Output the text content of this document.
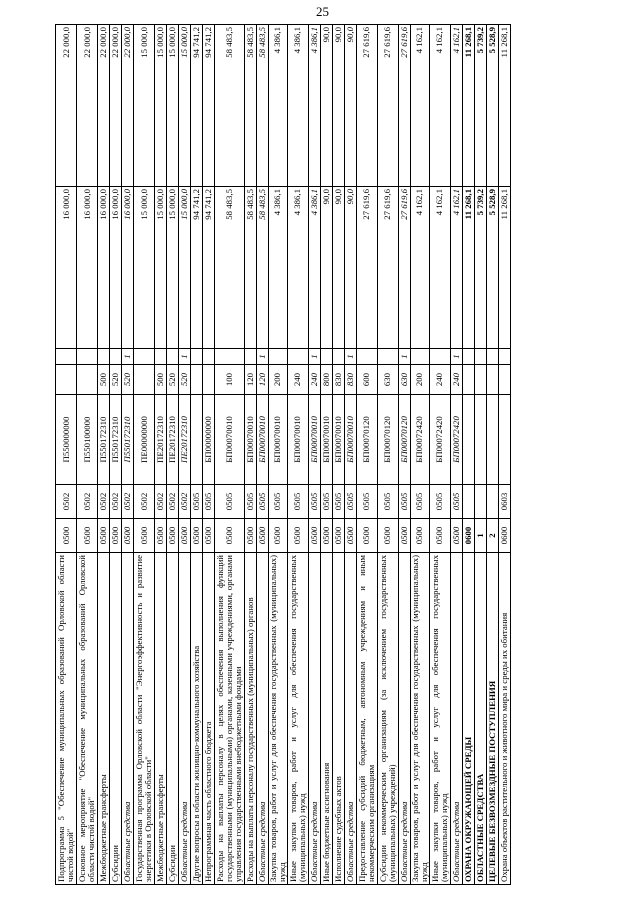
25
Подпрограмма 5 "Обеспечение муниципальных образований Орловской области чистой водой"	0500	0502	П550000000			16 000,0	22 000,0
Основное мероприятие "Обеспечение муниципальных образований Орловской области чистой водой"	0500	0502	П550100000			16 000,0	22 000,0
Межбюджетные трансферты	0500	0502	П550172310	500		16 000,0	22 000,0
Субсидии	0500	0502	П550172310	520		16 000,0	22 000,0
Областные средства	0500	0502	П550172310	520	1	16 000,0	22 000,0
Государственная программа Орловской области "Энергоэффективность и развитие энергетики в Орловской области"	0500	0502	ПЕ00000000			15 000,0	15 000,0
Межбюджетные трансферты	0500	0502	ПЕ20172310	500		15 000,0	15 000,0
Субсидии	0500	0502	ПЕ20172310	520		15 000,0	15 000,0
Областные средства	0500	0502	ПЕ20172310	520	1	15 000,0	15 000,0
Другие вопросы в области жилищно-коммунального хозяйства	0500	0505				94 741,2	94 741,2
Непрограммная часть областного бюджета	0500	0505	БП00000000			94 741,2	94 741,2
Расходы на выплаты персоналу в целях обеспечения выполнения функций государственными (муниципальными) органами, казенными учреждениями, органами управления государственными внебюджетными фондами	0500	0505	БП00070010	100		58 483,5	58 483,5
Расходы на выплаты персоналу государственных (муниципальных) органов	0500	0505	БП00070010	120		58 483,5	58 483,5
Областные средства	0500	0505	БП00070010	120	1	58 483,5	58 483,5
Закупка товаров, работ и услуг для обеспечения государственных (муниципальных) нужд	0500	0505	БП00070010	200		4 386,1	4 386,1
Иные закупки товаров, работ и услуг для обеспечения государственных (муниципальных) нужд	0500	0505	БП00070010	240		4 386,1	4 386,1
Областные средства	0500	0505	БП00070010	240	1	4 386,1	4 386,1
Иные бюджетные ассигнования	0500	0505	БП00070010	800		90,0	90,0
Исполнение судебных актов	0500	0505	БП00070010	830		90,0	90,0
Областные средства	0500	0505	БП00070010	830	1	90,0	90,0
Предоставление субсидий бюджетным, автономным учреждениям и иным некоммерческим организациям	0500	0505	БП00070120	600		27 619,6	27 619,6
Субсидии некоммерческим организациям (за исключением государственных (муниципальных) учреждений)	0500	0505	БП00070120	630		27 619,6	27 619,6
Областные средства	0500	0505	БП00070120	630	1	27 619,6	27 619,6
Закупка товаров, работ и услуг для обеспечения государственных (муниципальных) нужд	0500	0505	БП00072420	200		4 162,1	4 162,1
Иные закупки товаров, работ и услуг для обеспечения государственных (муниципальных) нужд	0500	0505	БП00072420	240		4 162,1	4 162,1
Областные средства	0500	0505	БП00072420	240	1	4 162,1	4 162,1
ОХРАНА ОКРУЖАЮЩЕЙ СРЕДЫ	0600					11 268,1	11 268,1
ОБЛАСТНЫЕ СРЕДСТВА	1					5 739,2	5 739,2
ЦЕЛЕВЫЕ БЕЗВОЗМЕЗДНЫЕ ПОСТУПЛЕНИЯ	2					5 528,9	5 528,9
Охрана объектов растительного и животного мира и среды их обитания	0600	0603				11 268,1	11 268,1
